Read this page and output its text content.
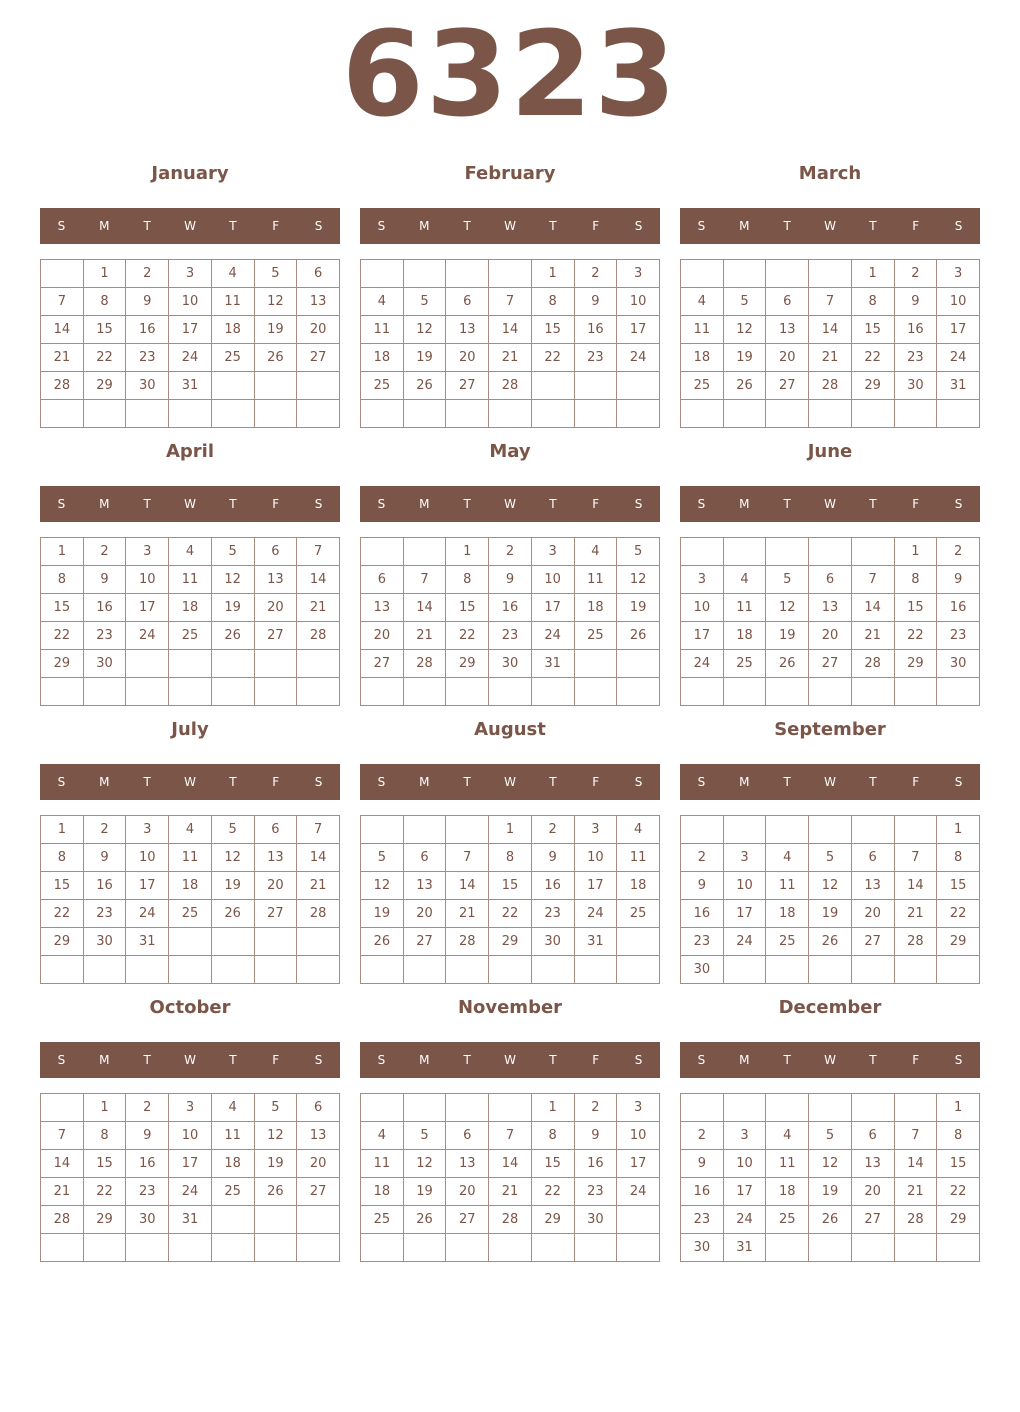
6323
January
S	M	T	W	T	F	S
	1	2	3	4	5	6
7	8	9	10	11	12	13
14	15	16	17	18	19	20
21	22	23	24	25	26	27
28	29	30	31			

February
S	M	T	W	T	F	S
				1	2	3
4	5	6	7	8	9	10
11	12	13	14	15	16	17
18	19	20	21	22	23	24
25	26	27	28			

March
S	M	T	W	T	F	S
				1	2	3
4	5	6	7	8	9	10
11	12	13	14	15	16	17
18	19	20	21	22	23	24
25	26	27	28	29	30	31

April
S	M	T	W	T	F	S
1	2	3	4	5	6	7
8	9	10	11	12	13	14
15	16	17	18	19	20	21
22	23	24	25	26	27	28
29	30					

May
S	M	T	W	T	F	S
		1	2	3	4	5
6	7	8	9	10	11	12
13	14	15	16	17	18	19
20	21	22	23	24	25	26
27	28	29	30	31		

June
S	M	T	W	T	F	S
					1	2
3	4	5	6	7	8	9
10	11	12	13	14	15	16
17	18	19	20	21	22	23
24	25	26	27	28	29	30

July
S	M	T	W	T	F	S
1	2	3	4	5	6	7
8	9	10	11	12	13	14
15	16	17	18	19	20	21
22	23	24	25	26	27	28
29	30	31				

August
S	M	T	W	T	F	S
			1	2	3	4
5	6	7	8	9	10	11
12	13	14	15	16	17	18
19	20	21	22	23	24	25
26	27	28	29	30	31	

September
S	M	T	W	T	F	S
						1
2	3	4	5	6	7	8
9	10	11	12	13	14	15
16	17	18	19	20	21	22
23	24	25	26	27	28	29
30						
October
S	M	T	W	T	F	S
	1	2	3	4	5	6
7	8	9	10	11	12	13
14	15	16	17	18	19	20
21	22	23	24	25	26	27
28	29	30	31			

November
S	M	T	W	T	F	S
				1	2	3
4	5	6	7	8	9	10
11	12	13	14	15	16	17
18	19	20	21	22	23	24
25	26	27	28	29	30	

December
S	M	T	W	T	F	S
						1
2	3	4	5	6	7	8
9	10	11	12	13	14	15
16	17	18	19	20	21	22
23	24	25	26	27	28	29
30	31					
